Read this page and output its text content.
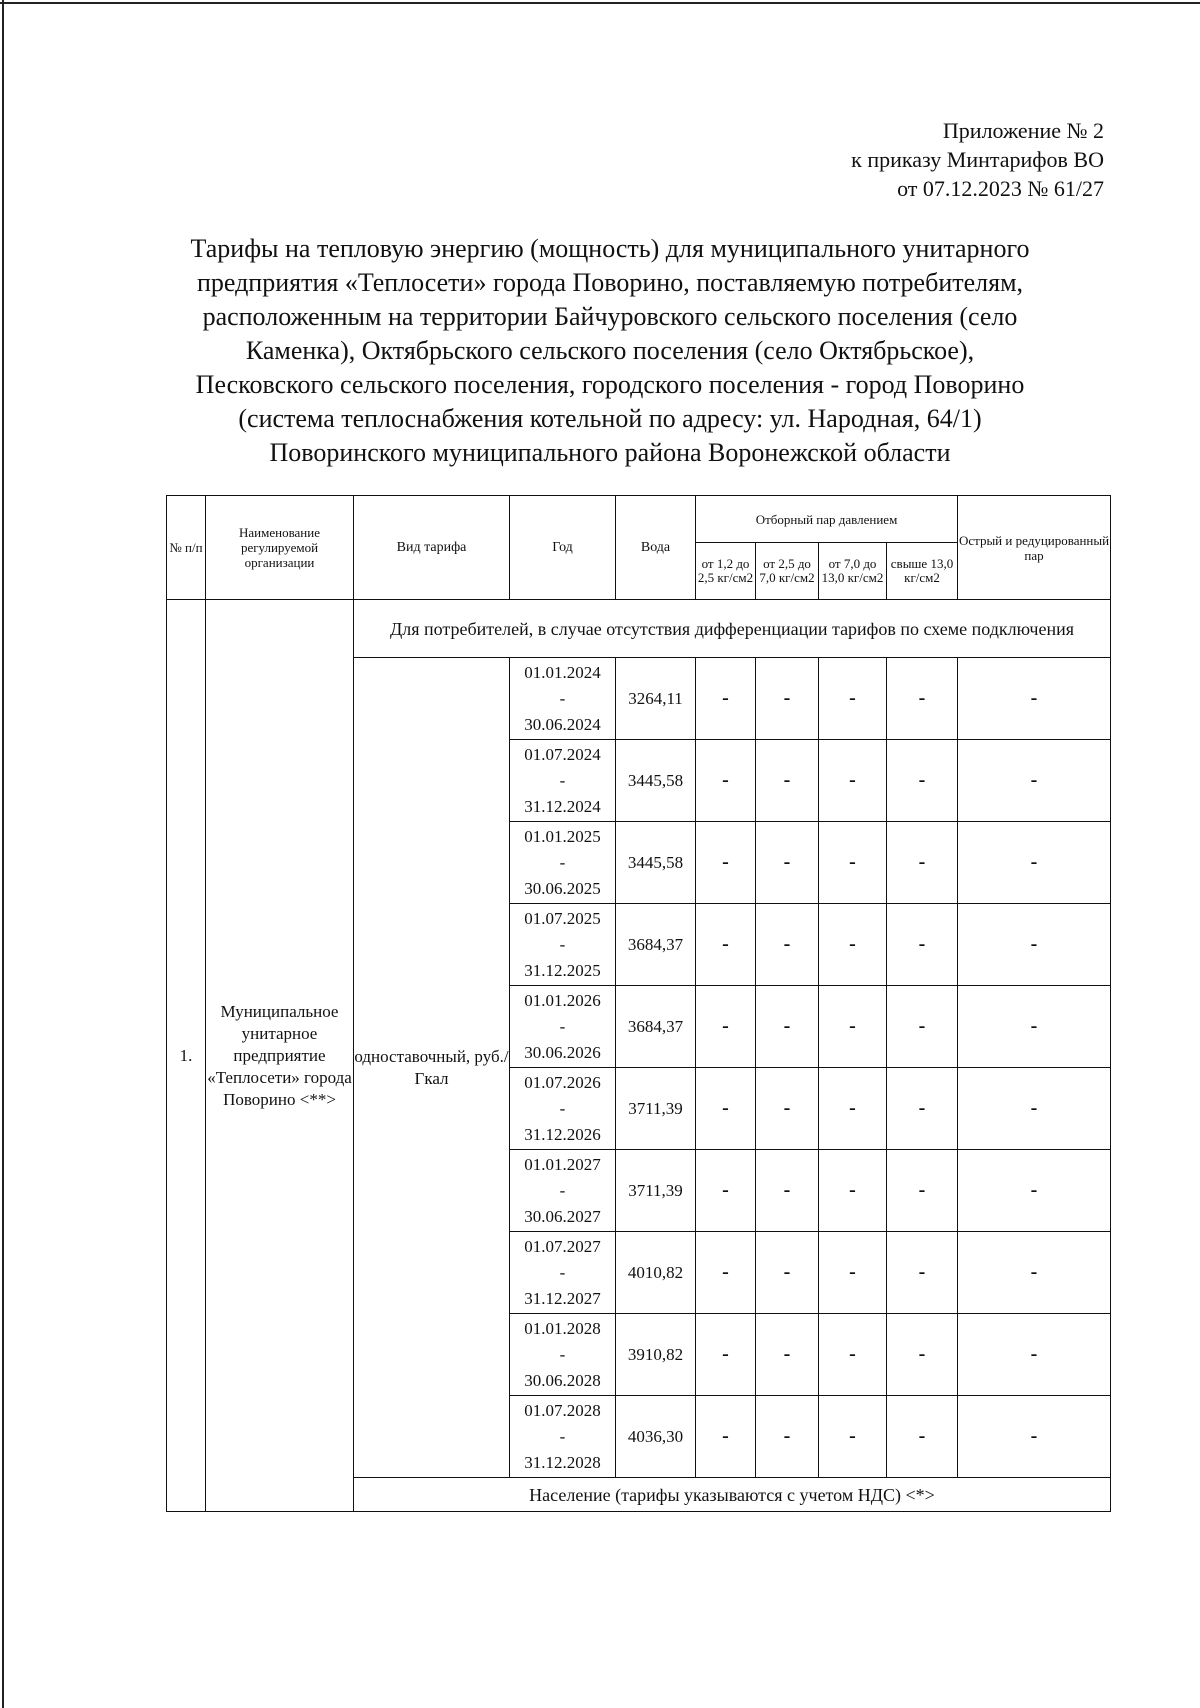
Приложение № 2
к приказу Минтарифов ВО
от 07.12.2023 № 61/27
Тарифы на тепловую энергию (мощность) для муниципального унитарного
предприятия «Теплосети» города Поворино, поставляемую потребителям,
расположенным на территории Байчуровского сельского поселения (село
Каменка), Октябрьского сельского поселения (село Октябрьское),
Песковского сельского поселения, городского поселения - город Поворино
(система теплоснабжения котельной по адресу: ул. Народная, 64/1)
Поворинского муниципального района Воронежской области
№ п/п	Наименование регулируемой организации	Вид тарифа	Год	Вода	Отборный пар давлением				Острый и редуцированный пар
					от 1,2 до 2,5 кг/см2	от 2,5 до 7,0 кг/см2	от 7,0 до 13,0 кг/см2	свыше 13,0 кг/см2	
1.	Муниципальное унитарное предприятие «Теплосети» города Поворино <**>	Для потребителей, в случае отсутствия дифференциации тарифов по схеме подключения							
		одноставочный, руб./Гкал	01.01.2024
-
30.06.2024	3264,11	-	-	-	-	-

			01.07.2024
-
31.12.2024	3445,58	-	-	-	-	-

			01.01.2025
-
30.06.2025	3445,58	-	-	-	-	-

			01.07.2025
-
31.12.2025	3684,37	-	-	-	-	-

			01.01.2026
-
30.06.2026	3684,37	-	-	-	-	-

			01.07.2026
-
31.12.2026	3711,39	-	-	-	-	-

			01.01.2027
-
30.06.2027	3711,39	-	-	-	-	-

			01.07.2027
-
31.12.2027	4010,82	-	-	-	-	-

			01.01.2028
-
30.06.2028	3910,82	-	-	-	-	-

			01.07.2028
-
31.12.2028	4036,30	-	-	-	-	-
		Население (тарифы указываются с учетом НДС) <*>							
